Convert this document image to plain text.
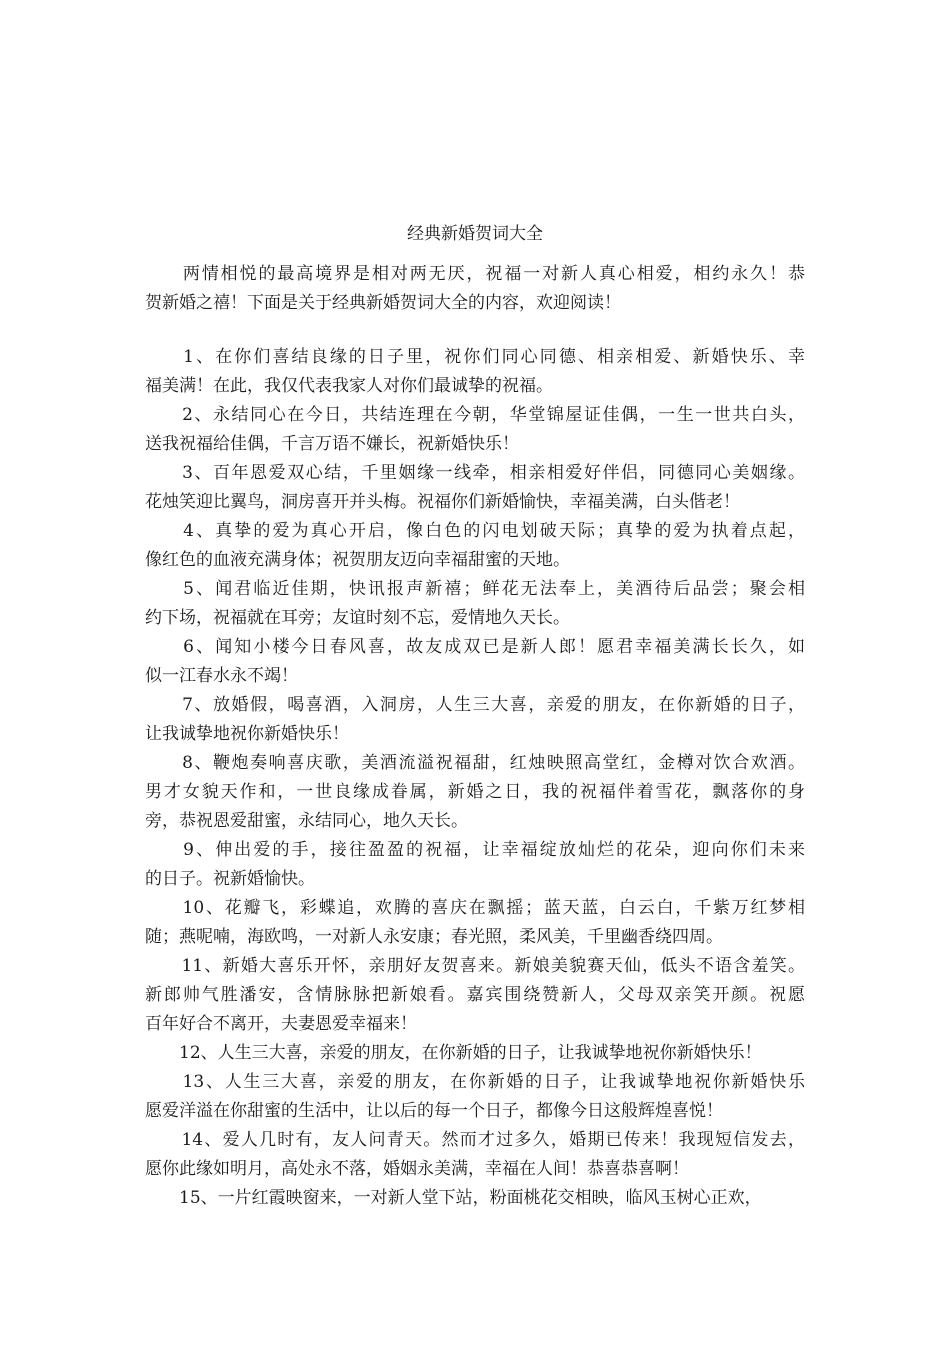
经典新婚贺词大全
　　两情相悦的最高境界是相对两无厌，祝福一对新人真心相爱，相约永久！恭
贺新婚之禧！下面是关于经典新婚贺词大全的内容，欢迎阅读！
　　1、在你们喜结良缘的日子里，祝你们同心同德、相亲相爱、新婚快乐、幸
福美满！在此，我仅代表我家人对你们最诚挚的祝福。
　　2、永结同心在今日，共结连理在今朝，华堂锦屋证佳偶，一生一世共白头，
送我祝福给佳偶，千言万语不嫌长，祝新婚快乐！
　　3、百年恩爱双心结，千里姻缘一线牵，相亲相爱好伴侣，同德同心美姻缘。
花烛笑迎比翼鸟，洞房喜开并头梅。祝福你们新婚愉快，幸福美满，白头偕老！
　　4、真挚的爱为真心开启，像白色的闪电划破天际；真挚的爱为执着点起，
像红色的血液充满身体；祝贺朋友迈向幸福甜蜜的天地。
　　5、闻君临近佳期，快讯报声新禧；鲜花无法奉上，美酒待后品尝；聚会相
约下场，祝福就在耳旁；友谊时刻不忘，爱情地久天长。
　　6、闻知小楼今日春风喜，故友成双已是新人郎！愿君幸福美满长长久，如
似一江春水永不竭！
　　7、放婚假，喝喜酒，入洞房，人生三大喜，亲爱的朋友，在你新婚的日子，
让我诚挚地祝你新婚快乐！
　　8、鞭炮奏响喜庆歌，美酒流溢祝福甜，红烛映照高堂红，金樽对饮合欢酒。
男才女貌天作和，一世良缘成眷属，新婚之日，我的祝福伴着雪花，飘落你的身
旁，恭祝恩爱甜蜜，永结同心，地久天长。
　　9、伸出爱的手，接往盈盈的祝福，让幸福绽放灿烂的花朵，迎向你们未来
的日子。祝新婚愉快。
　　10、花瓣飞，彩蝶追，欢腾的喜庆在飘摇；蓝天蓝，白云白，千紫万红梦相
随；燕呢喃，海欧鸣，一对新人永安康；春光照，柔风美，千里幽香绕四周。
　　11、新婚大喜乐开怀，亲朋好友贺喜来。新娘美貌赛天仙，低头不语含羞笑。
新郎帅气胜潘安，含情脉脉把新娘看。嘉宾围绕赞新人，父母双亲笑开颜。祝愿
百年好合不离开，夫妻恩爱幸福来！
　　12、人生三大喜，亲爱的朋友，在你新婚的日子，让我诚挚地祝你新婚快乐！
　　13、人生三大喜，亲爱的朋友，在你新婚的日子，让我诚挚地祝你新婚快乐
愿爱洋溢在你甜蜜的生活中，让以后的每一个日子，都像今日这般辉煌喜悦！
　　14、爱人几时有，友人问青天。然而才过多久，婚期已传来！我现短信发去，
愿你此缘如明月，高处永不落，婚姻永美满，幸福在人间！恭喜恭喜啊！
　　15、一片红霞映窗来，一对新人堂下站，粉面桃花交相映，临风玉树心正欢，
